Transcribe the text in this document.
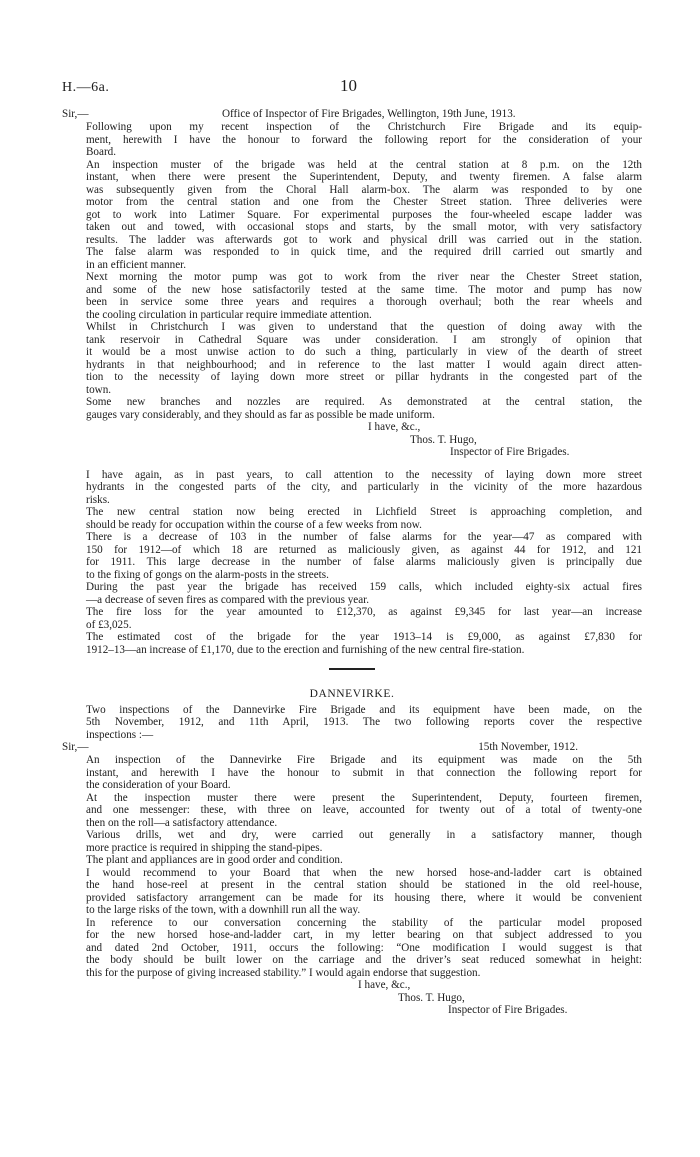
H.—6a.	10
Sir,—	Office of Inspector of Fire Brigades, Wellington, 19th June, 1913.

Following upon my recent inspection of the Christchurch Fire Brigade and its equip-
ment, herewith I have the honour to forward the following report for the consideration of your
Board.

An inspection muster of the brigade was held at the central station at 8 p.m. on the 12th
instant, when there were present the Superintendent, Deputy, and twenty firemen. A false alarm
was subsequently given from the Choral Hall alarm-box. The alarm was responded to by one
motor from the central station and one from the Chester Street station. Three deliveries were
got to work into Latimer Square. For experimental purposes the four-wheeled escape ladder was
taken out and towed, with occasional stops and starts, by the small motor, with very satisfactory
results. The ladder was afterwards got to work and physical drill was carried out in the station.
The false alarm was responded to in quick time, and the required drill carried out smartly and
in an efficient manner.

Next morning the motor pump was got to work from the river near the Chester Street station,
and some of the new hose satisfactorily tested at the same time. The motor and pump has now
been in service some three years and requires a thorough overhaul; both the rear wheels and
the cooling circulation in particular require immediate attention.

Whilst in Christchurch I was given to understand that the question of doing away with the
tank reservoir in Cathedral Square was under consideration. I am strongly of opinion that
it would be a most unwise action to do such a thing, particularly in view of the dearth of street
hydrants in that neighbourhood; and in reference to the last matter I would again direct atten-
tion to the necessity of laying down more street or pillar hydrants in the congested part of the
town.

Some new branches and nozzles are required. As demonstrated at the central station, the
gauges vary considerably, and they should as far as possible be made uniform.

I have, &c.,

Thos. T. Hugo,

Inspector of Fire Brigades.

I have again, as in past years, to call attention to the necessity of laying down more street
hydrants in the congested parts of the city, and particularly in the vicinity of the more hazardous
risks.

The new central station now being erected in Lichfield Street is approaching completion, and
should be ready for occupation within the course of a few weeks from now.

There is a decrease of 103 in the number of false alarms for the year—47 as compared with
150 for 1912—of which 18 are returned as maliciously given, as against 44 for 1912, and 121
for 1911. This large decrease in the number of false alarms maliciously given is principally due
to the fixing of gongs on the alarm-posts in the streets.

During the past year the brigade has received 159 calls, which included eighty-six actual fires
—a decrease of seven fires as compared with the previous year.

The fire loss for the year amounted to £12,370, as against £9,345 for last year—an increase
of £3,025.

The estimated cost of the brigade for the year 1913–14 is £9,000, as against £7,830 for
1912–13—an increase of £1,170, due to the erection and furnishing of the new central fire-station.

DANNEVIRKE.

Two inspections of the Dannevirke Fire Brigade and its equipment have been made, on the
5th November, 1912, and 11th April, 1913. The two following reports cover the respective
inspections :—

Sir,—	15th November, 1912.

An inspection of the Dannevirke Fire Brigade and its equipment was made on the 5th
instant, and herewith I have the honour to submit in that connection the following report for
the consideration of your Board.

At the inspection muster there were present the Superintendent, Deputy, fourteen firemen,
and one messenger: these, with three on leave, accounted for twenty out of a total of twenty-one
then on the roll—a satisfactory attendance.

Various drills, wet and dry, were carried out generally in a satisfactory manner, though
more practice is required in shipping the stand-pipes.

The plant and appliances are in good order and condition.

I would recommend to your Board that when the new horsed hose-and-ladder cart is obtained
the hand hose-reel at present in the central station should be stationed in the old reel-house,
provided satisfactory arrangement can be made for its housing there, where it would be convenient
to the large risks of the town, with a downhill run all the way.

In reference to our conversation concerning the stability of the particular model proposed
for the new horsed hose-and-ladder cart, in my letter bearing on that subject addressed to you
and dated 2nd October, 1911, occurs the following: “One modification I would suggest is that
the body should be built lower on the carriage and the driver’s seat reduced somewhat in height:
this for the purpose of giving increased stability.” I would again endorse that suggestion.

I have, &c.,

Thos. T. Hugo,

Inspector of Fire Brigades.
